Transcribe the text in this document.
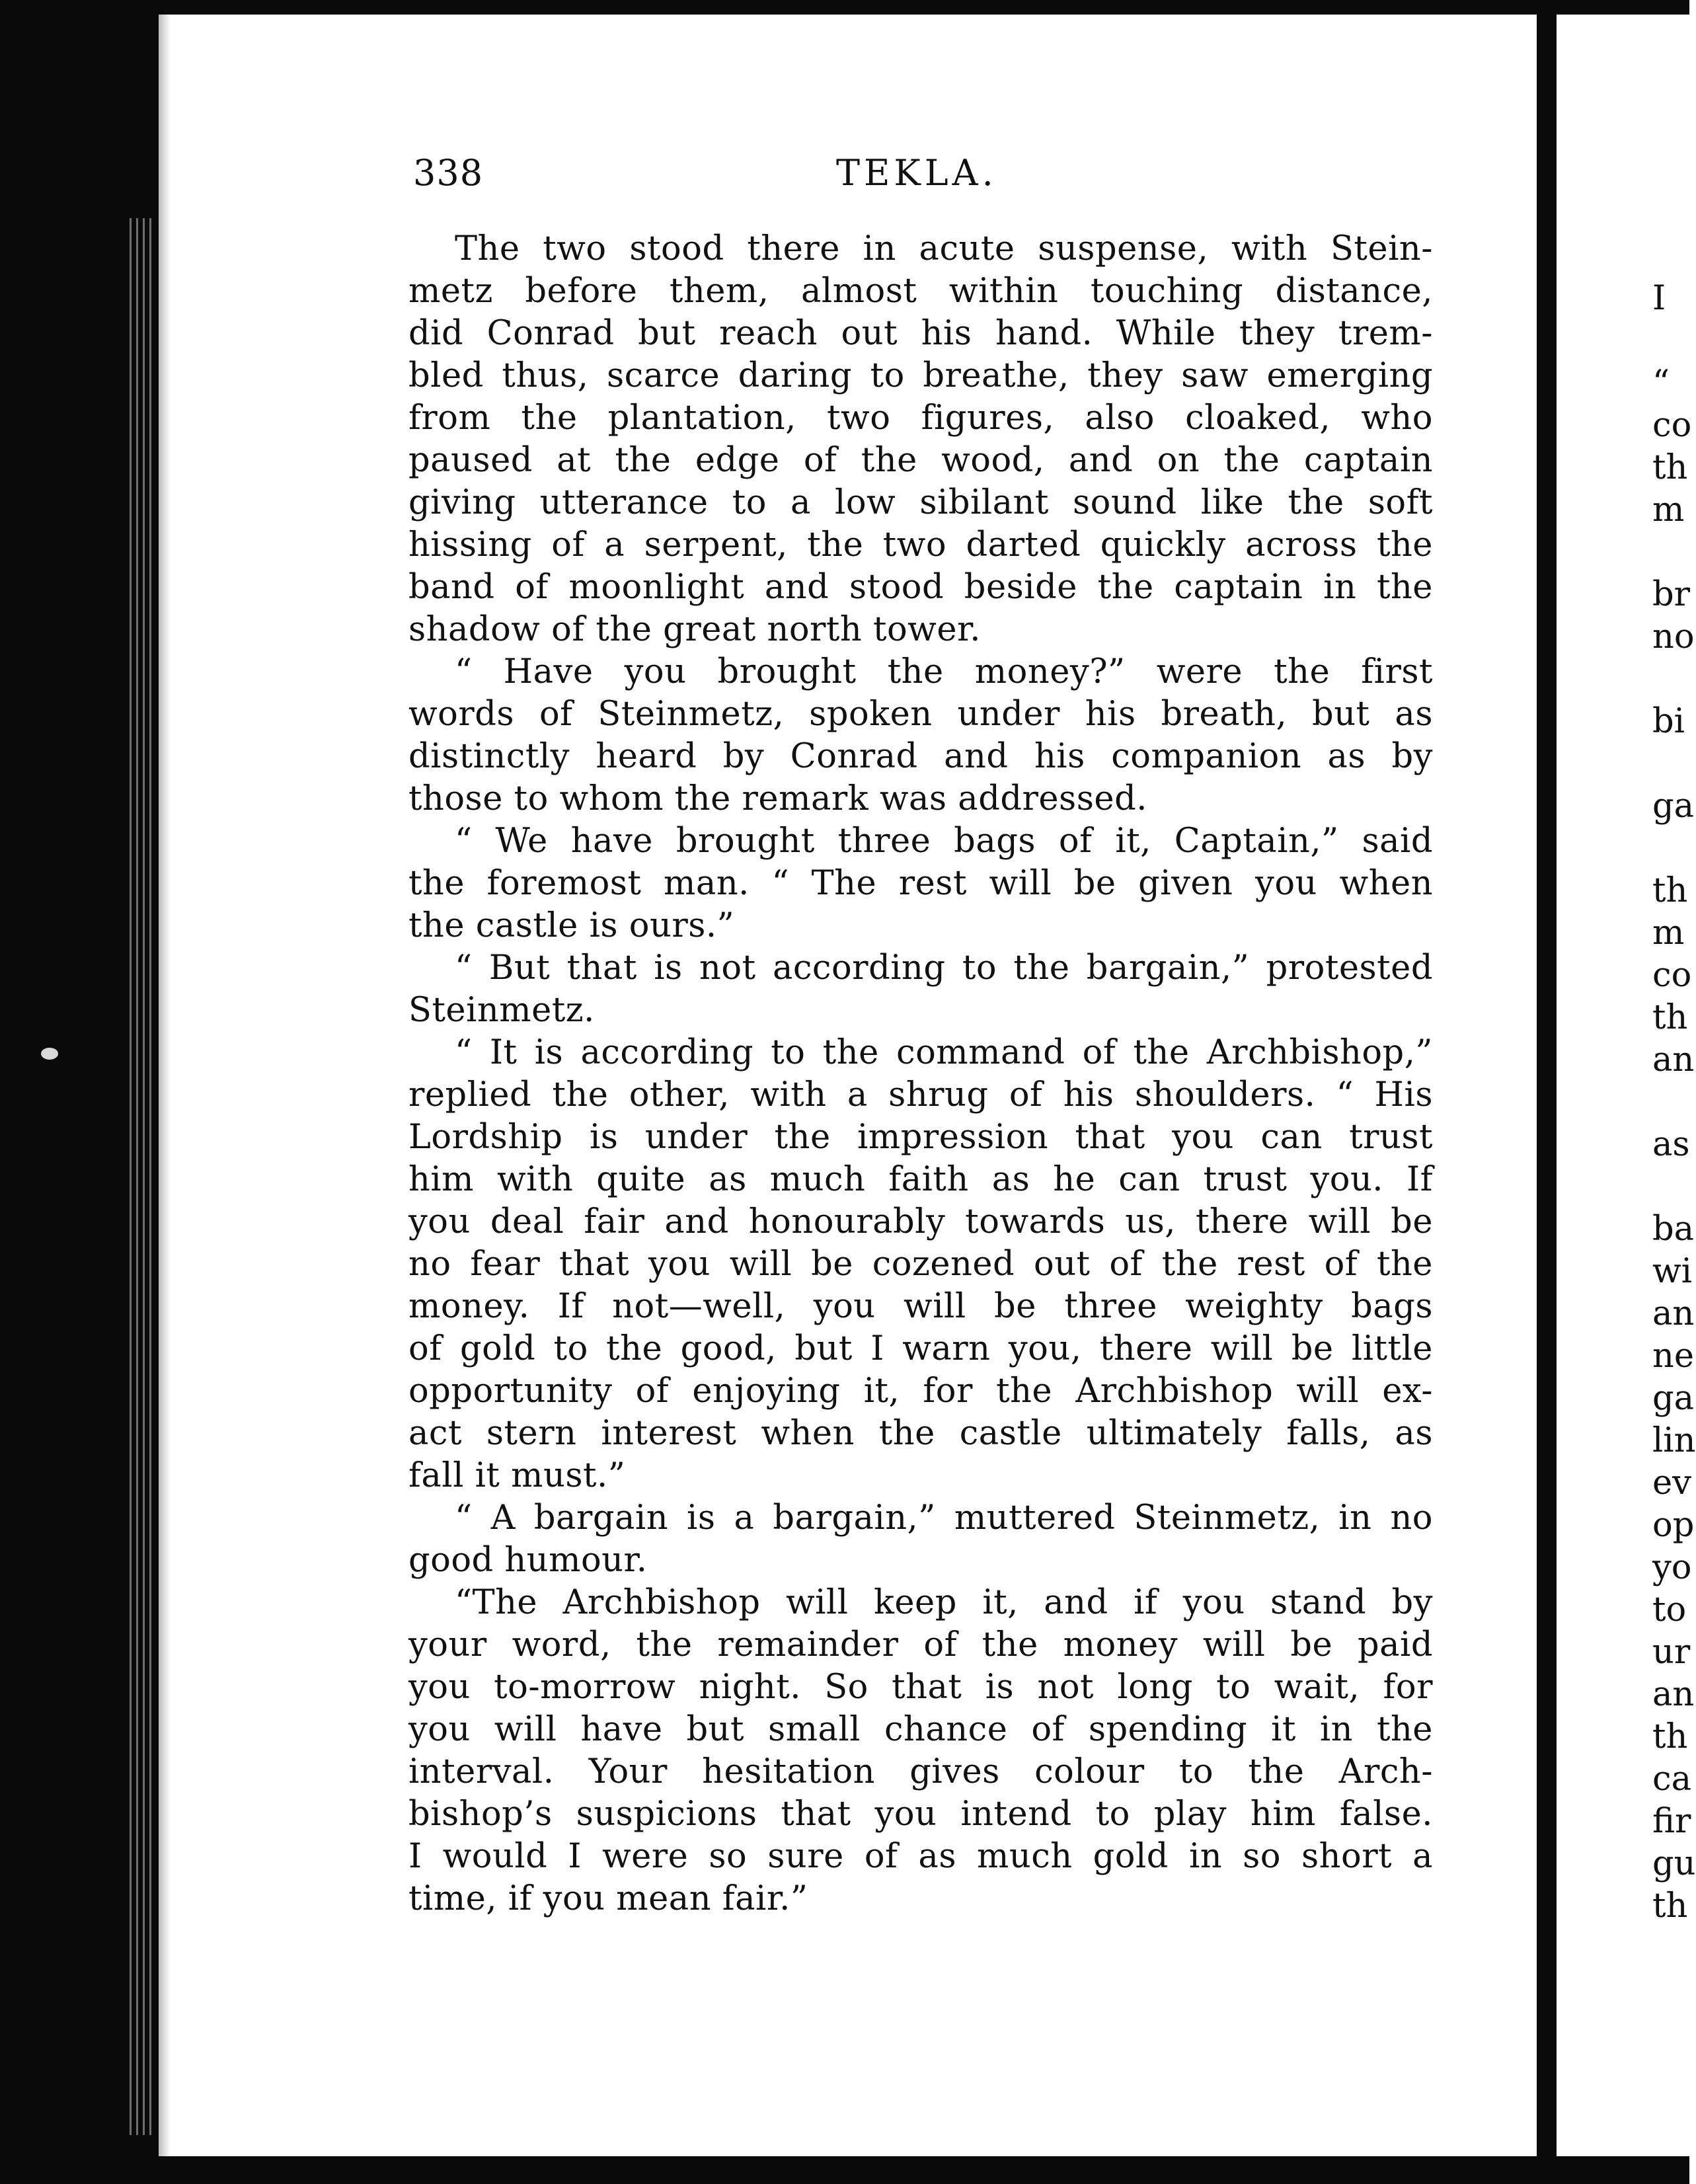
338	TEKLA.
The two stood there in acute suspense, with Stein-
metz before them, almost within touching distance,
did Conrad but reach out his hand. While they trem-
bled thus, scarce daring to breathe, they saw emerging
from the plantation, two figures, also cloaked, who
paused at the edge of the wood, and on the captain
giving utterance to a low sibilant sound like the soft
hissing of a serpent, the two darted quickly across the
band of moonlight and stood beside the captain in the
shadow of the great north tower.
“ Have you brought the money?” were the first
words of Steinmetz, spoken under his breath, but as
distinctly heard by Conrad and his companion as by
those to whom the remark was addressed.
“ We have brought three bags of it, Captain,” said
the foremost man. “ The rest will be given you when
the castle is ours.”
“ But that is not according to the bargain,” protested
Steinmetz.
“ It is according to the command of the Archbishop,”
replied the other, with a shrug of his shoulders. “ His
Lordship is under the impression that you can trust
him with quite as much faith as he can trust you. If
you deal fair and honourably towards us, there will be
no fear that you will be cozened out of the rest of the
money. If not—well, you will be three weighty bags
of gold to the good, but I warn you, there will be little
opportunity of enjoying it, for the Archbishop will ex-
act stern interest when the castle ultimately falls, as
fall it must.”
“ A bargain is a bargain,” muttered Steinmetz, in no
good humour.
“The Archbishop will keep it, and if you stand by
your word, the remainder of the money will be paid
you to-morrow night. So that is not long to wait, for
you will have but small chance of spending it in the
interval. Your hesitation gives colour to the Arch-
bishop’s suspicions that you intend to play him false.
I would I were so sure of as much gold in so short a
time, if you mean fair.”
I
“
co
th
m
br
no
bi
ga
th
m
co
th
an
as
ba
wi
an
ne
ga
lin
ev
op
yo
to
ur
an
th
ca
fir
gu
th
